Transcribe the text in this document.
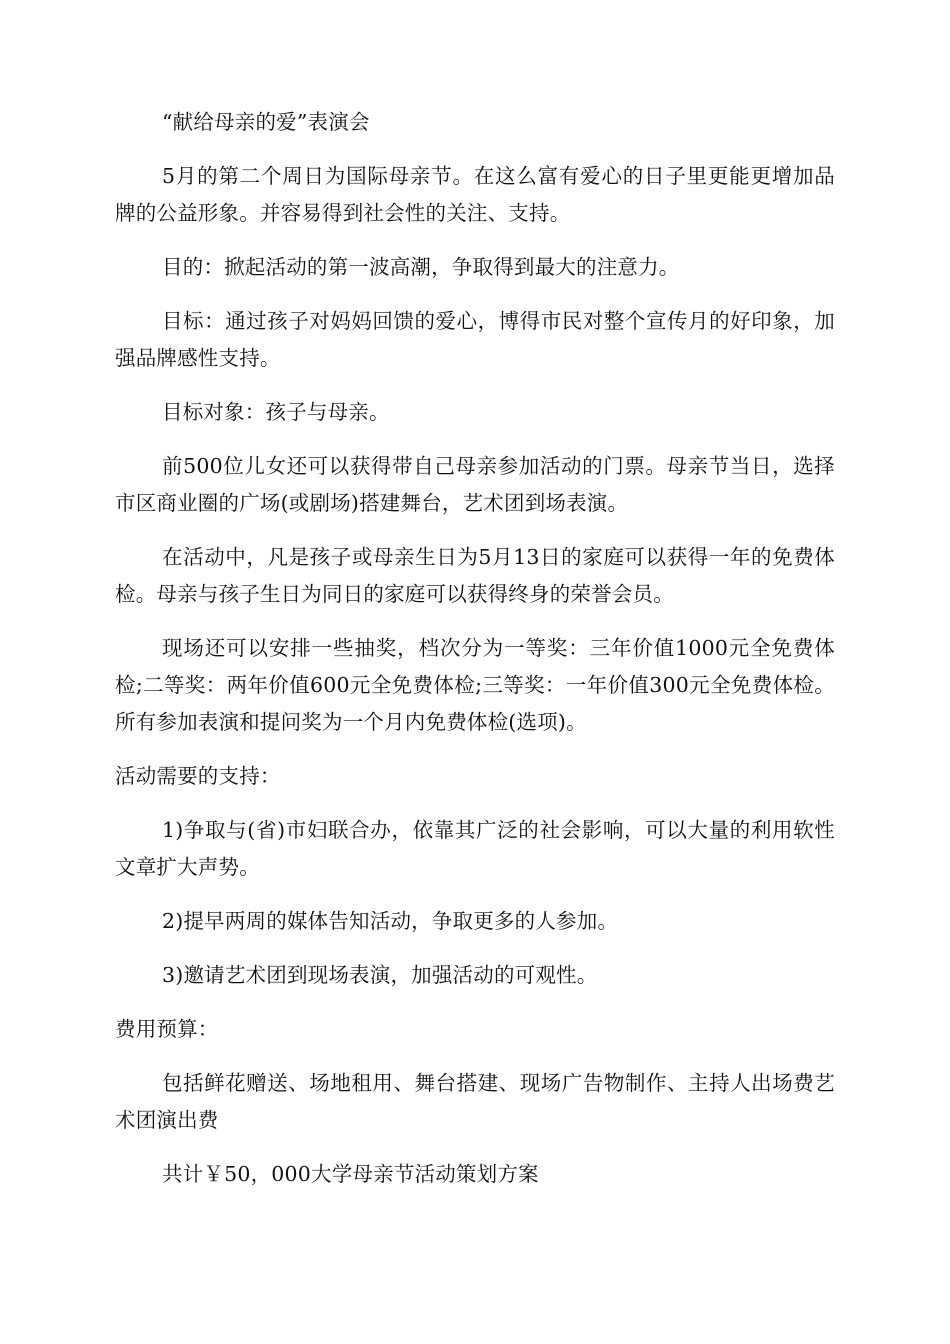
“献给母亲的爱”表演会

5月的第二个周日为国际母亲节。在这么富有爱心的日子里更能更增加品牌的公益形象。并容易得到社会性的关注、支持。

目的：掀起活动的第一波高潮，争取得到最大的注意力。

目标：通过孩子对妈妈回馈的爱心，博得市民对整个宣传月的好印象，加强品牌感性支持。

目标对象：孩子与母亲。

前500位儿女还可以获得带自己母亲参加活动的门票。母亲节当日，选择市区商业圈的广场(或剧场)搭建舞台，艺术团到场表演。

在活动中，凡是孩子或母亲生日为5月13日的家庭可以获得一年的免费体检。母亲与孩子生日为同日的家庭可以获得终身的荣誉会员。

现场还可以安排一些抽奖，档次分为一等奖：三年价值1000元全免费体检;二等奖：两年价值600元全免费体检;三等奖：一年价值300元全免费体检。所有参加表演和提问奖为一个月内免费体检(选项)。

活动需要的支持：

1)争取与(省)市妇联合办，依靠其广泛的社会影响，可以大量的利用软性文章扩大声势。

2)提早两周的媒体告知活动，争取更多的人参加。

3)邀请艺术团到现场表演，加强活动的可观性。

费用预算：

包括鲜花赠送、场地租用、舞台搭建、现场广告物制作、主持人出场费艺术团演出费

共计￥50，000大学母亲节活动策划方案
